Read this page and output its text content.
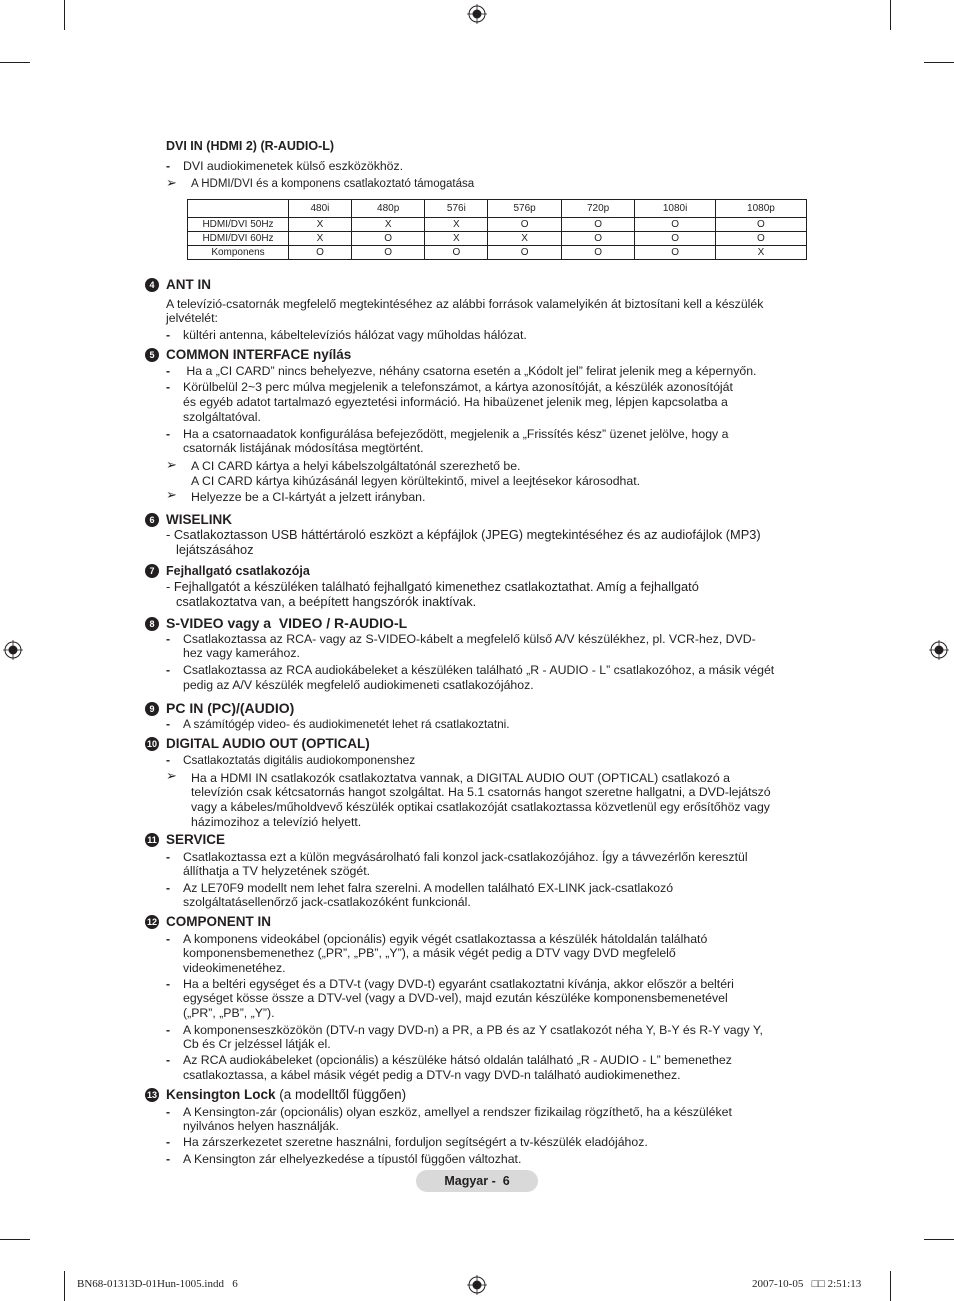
DVI IN (HDMI 2) (R-AUDIO-L)
- DVI audiokimenetek külső eszközökhöz.
➢ A HDMI/DVI és a komponens csatlakoztató támogatása
	480i	480p	576i	576p	720p	1080i	1080p
HDMI/DVI 50Hz	X	X	X	O	O	O	O
HDMI/DVI 60Hz	X	O	X	X	O	O	O
Komponens	O	O	O	O	O	O	X
4 ANT IN
A televízió-csatornák megfelelő megtekintéséhez az alábbi források valamelyikén át biztosítani kell a készülék
jelvételét:
- kültéri antenna, kábeltelevíziós hálózat vagy műholdas hálózat.
5 COMMON INTERFACE nyílás
- Ha a „CI CARD” nincs behelyezve, néhány csatorna esetén a „Kódolt jel” felirat jelenik meg a képernyőn.
- Körülbelül 2~3 perc múlva megjelenik a telefonszámot, a kártya azonosítóját, a készülék azonosítóját
és egyéb adatot tartalmazó egyeztetési információ. Ha hibaüzenet jelenik meg, lépjen kapcsolatba a
szolgáltatóval.
- Ha a csatornaadatok konfigurálása befejeződött, megjelenik a „Frissítés kész” üzenet jelölve, hogy a
csatornák listájának módosítása megtörtént.
➢ A CI CARD kártya a helyi kábelszolgáltatónál szerezhető be.
A CI CARD kártya kihúzásánál legyen körültekintő, mivel a leejtésekor károsodhat.
➢ Helyezze be a CI-kártyát a jelzett irányban.
6 WISELINK
- Csatlakoztasson USB háttértároló eszközt a képfájlok (JPEG) megtekintéséhez és az audiofájlok (MP3)
lejátszásához
7 Fejhallgató csatlakozója
- Fejhallgatót a készüléken található fejhallgató kimenethez csatlakoztathat. Amíg a fejhallgató
csatlakoztatva van, a beépített hangszórók inaktívak.
8 S-VIDEO vagy a  VIDEO / R-AUDIO-L
- Csatlakoztassa az RCA- vagy az S-VIDEO-kábelt a megfelelő külső A/V készülékhez, pl. VCR-hez, DVD-
hez vagy kamerához.
- Csatlakoztassa az RCA audiokábeleket a készüléken található „R - AUDIO - L” csatlakozóhoz, a másik végét
pedig az A/V készülék megfelelő audiokimeneti csatlakozójához.
9 PC IN (PC)/(AUDIO)
- A számítógép video- és audiokimenetét lehet rá csatlakoztatni.
10 DIGITAL AUDIO OUT (OPTICAL)
- Csatlakoztatás digitális audiokomponenshez
➢ Ha a HDMI IN csatlakozók csatlakoztatva vannak, a DIGITAL AUDIO OUT (OPTICAL) csatlakozó a
televízión csak kétcsatornás hangot szolgáltat. Ha 5.1 csatornás hangot szeretne hallgatni, a DVD-lejátszó
vagy a kábeles/műholdvevő készülék optikai csatlakozóját csatlakoztassa közvetlenül egy erősítőhöz vagy
házimozihoz a televízió helyett.
11 SERVICE
- Csatlakoztassa ezt a külön megvásárolható fali konzol jack-csatlakozójához. Így a távvezérlőn keresztül
állíthatja a TV helyzetének szögét.
- Az LE70F9 modellt nem lehet falra szerelni. A modellen található EX-LINK jack-csatlakozó
szolgáltatásellenőrző jack-csatlakozóként funkcionál.
12 COMPONENT IN
- A komponens videokábel (opcionális) egyik végét csatlakoztassa a készülék hátoldalán található
komponensbemenethez („PR”, „PB”, „Y”), a másik végét pedig a DTV vagy DVD megfelelő
videokimenetéhez.
- Ha a beltéri egységet és a DTV-t (vagy DVD-t) egyaránt csatlakoztatni kívánja, akkor először a beltéri
egységet kösse össze a DTV-vel (vagy a DVD-vel), majd ezután készüléke komponensbemenetével
(„PR”, „PB”, „Y”).
- A komponenseszközökön (DTV-n vagy DVD-n) a PR, a PB és az Y csatlakozót néha Y, B-Y és R-Y vagy Y,
Cb és Cr jelzéssel látják el.
- Az RCA audiokábeleket (opcionális) a készüléke hátsó oldalán található „R - AUDIO - L” bemenethez
csatlakoztassa, a kábel másik végét pedig a DTV-n vagy DVD-n található audiokimenethez.
13 Kensington Lock (a modelltől függően)
- A Kensington-zár (opcionális) olyan eszköz, amellyel a rendszer fizikailag rögzíthető, ha a készüléket
nyilvános helyen használják.
- Ha zárszerkezetet szeretne használni, forduljon segítségért a tv-készülék eladójához.
- A Kensington zár elhelyezkedése a típustól függően változhat.
Magyar -  6
BN68-01313D-01Hun-1005.indd   6	2007-10-05   □□ 2:51:13
